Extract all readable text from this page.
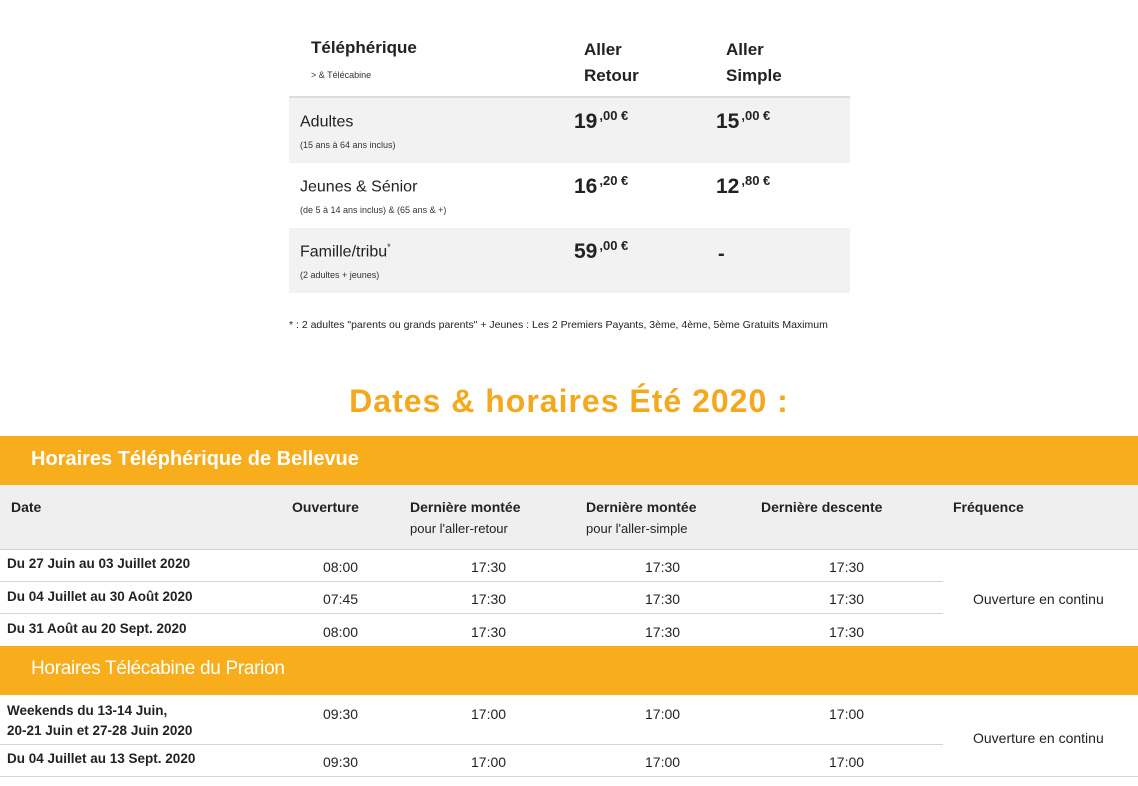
Téléphérique
> & Télécabine
Aller
Retour
Aller
Simple
Adultes
(15 ans à 64 ans inclus)
19 $^{,00 €}$	15 $^{,00 €}$
Jeunes & Sénior
(de 5 à 14 ans inclus) & (65 ans & +)
16 $^{,20 €}$	12 $^{,80 €}$
Famille/tribu*
(2 adultes + jeunes)
59 $^{,00 €}$	-
* : 2 adultes "parents ou grands parents" + Jeunes : Les 2 Premiers Payants, 3ème, 4ème, 5ème Gratuits Maximum
Dates & horaires Été 2020 :
Horaires Téléphérique de Bellevue
Date	Ouverture	Dernière montée
pour l'aller-retour
Dernière montée
pour l'aller-simple
Dernière descente	Fréquence
Du 27 Juin au 03 Juillet 2020	08:00	17:30	17:30	17:30
Du 04 Juillet au 30 Août 2020	07:45	17:30	17:30	17:30
Du 31 Août au 20 Sept. 2020	08:00	17:30	17:30	17:30
Ouverture en continu
Horaires Télécabine du Prarion
Weekends du 13-14 Juin,
20-21 Juin et 27-28 Juin 2020
09:30	17:00	17:00	17:00
Du 04 Juillet au 13 Sept. 2020	09:30	17:00	17:00	17:00
Ouverture en continu
